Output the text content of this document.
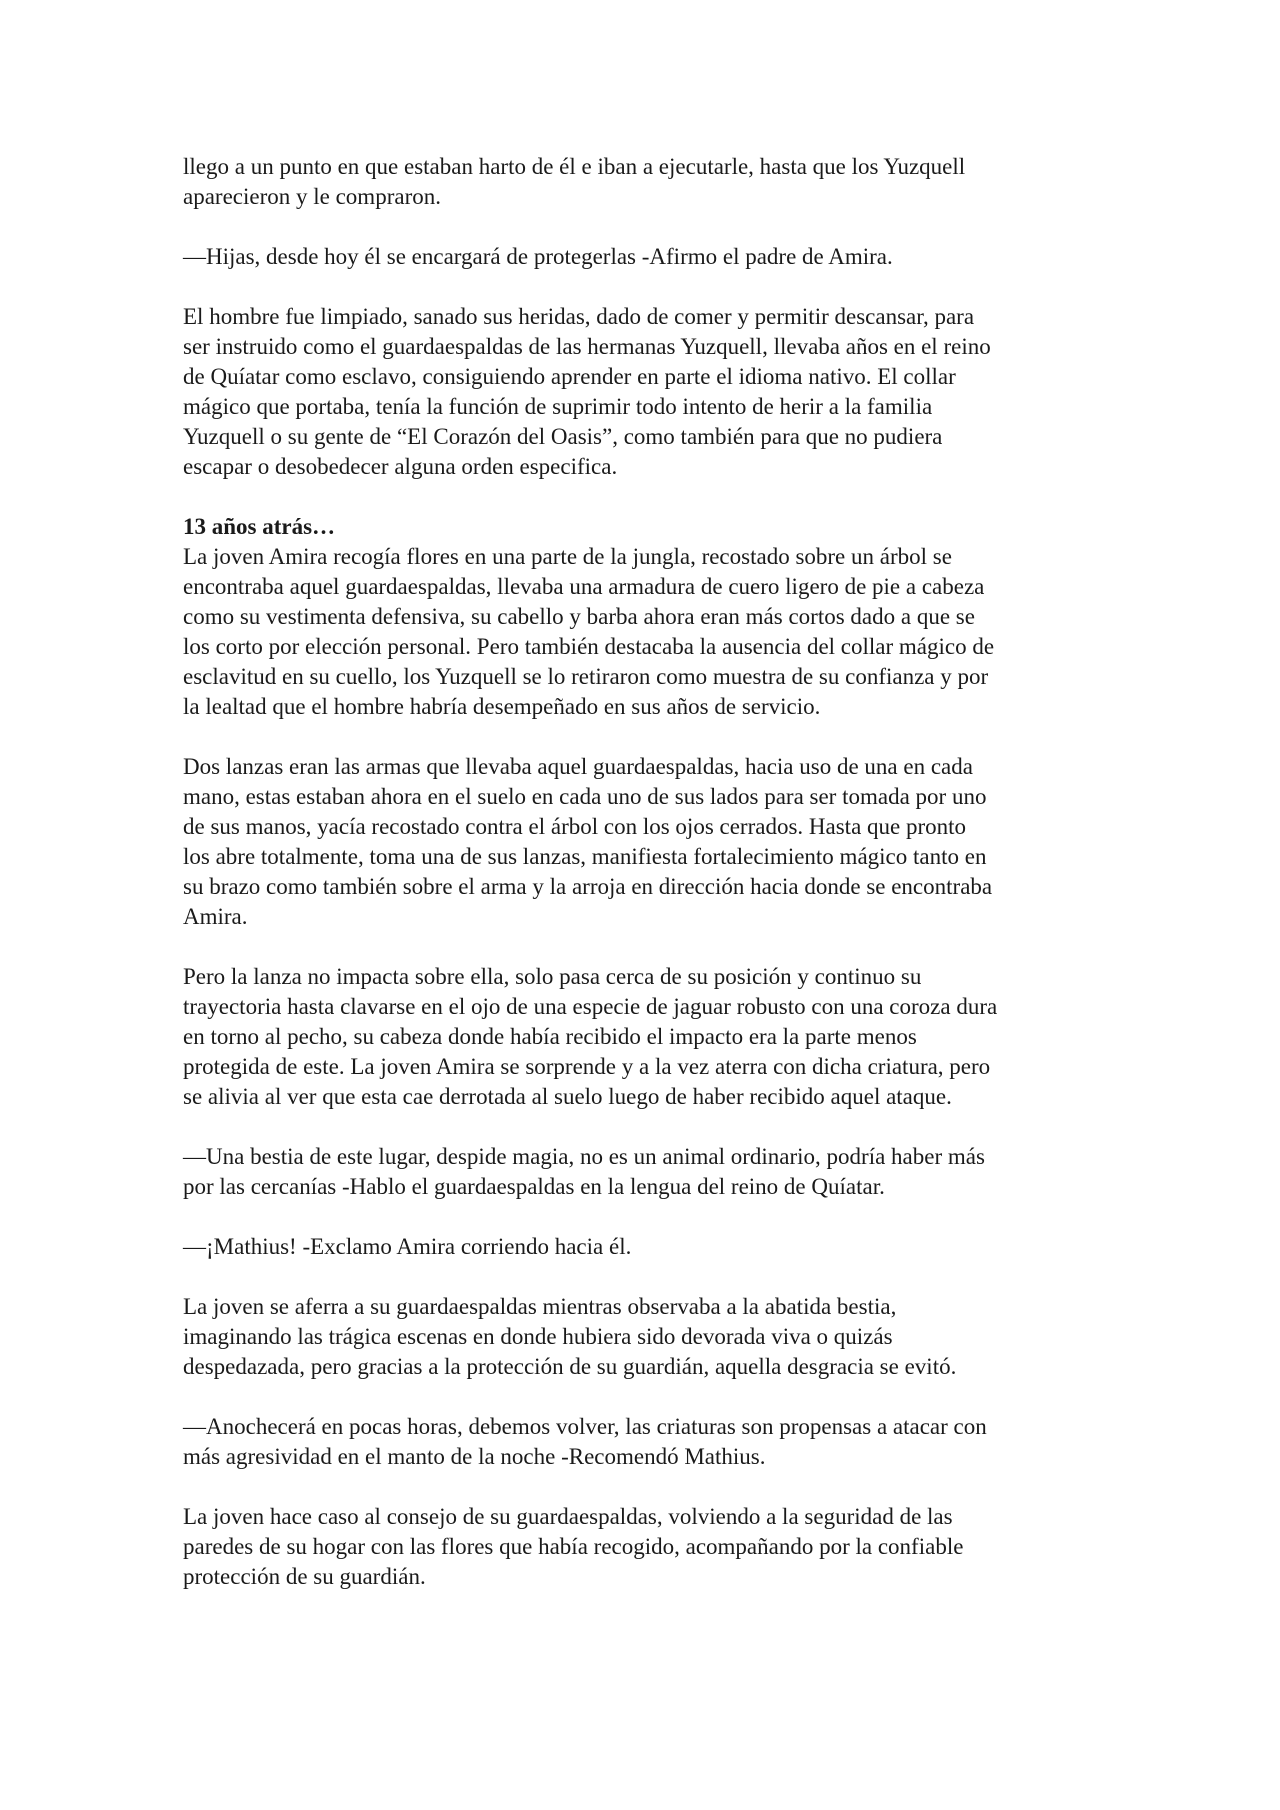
llego a un punto en que estaban harto de él e iban a ejecutarle, hasta que los Yuzquell
aparecieron y le compraron.
—Hijas, desde hoy él se encargará de protegerlas -Afirmo el padre de Amira.
El hombre fue limpiado, sanado sus heridas, dado de comer y permitir descansar, para
ser instruido como el guardaespaldas de las hermanas Yuzquell, llevaba años en el reino
de Quíatar como esclavo, consiguiendo aprender en parte el idioma nativo. El collar
mágico que portaba, tenía la función de suprimir todo intento de herir a la familia
Yuzquell o su gente de “El Corazón del Oasis”, como también para que no pudiera
escapar o desobedecer alguna orden especifica.
13 años atrás…
La joven Amira recogía flores en una parte de la jungla, recostado sobre un árbol se
encontraba aquel guardaespaldas, llevaba una armadura de cuero ligero de pie a cabeza
como su vestimenta defensiva, su cabello y barba ahora eran más cortos dado a que se
los corto por elección personal. Pero también destacaba la ausencia del collar mágico de
esclavitud en su cuello, los Yuzquell se lo retiraron como muestra de su confianza y por
la lealtad que el hombre habría desempeñado en sus años de servicio.
Dos lanzas eran las armas que llevaba aquel guardaespaldas, hacia uso de una en cada
mano, estas estaban ahora en el suelo en cada uno de sus lados para ser tomada por uno
de sus manos, yacía recostado contra el árbol con los ojos cerrados. Hasta que pronto
los abre totalmente, toma una de sus lanzas, manifiesta fortalecimiento mágico tanto en
su brazo como también sobre el arma y la arroja en dirección hacia donde se encontraba
Amira.
Pero la lanza no impacta sobre ella, solo pasa cerca de su posición y continuo su
trayectoria hasta clavarse en el ojo de una especie de jaguar robusto con una coroza dura
en torno al pecho, su cabeza donde había recibido el impacto era la parte menos
protegida de este. La joven Amira se sorprende y a la vez aterra con dicha criatura, pero
se alivia al ver que esta cae derrotada al suelo luego de haber recibido aquel ataque.
—Una bestia de este lugar, despide magia, no es un animal ordinario, podría haber más
por las cercanías -Hablo el guardaespaldas en la lengua del reino de Quíatar.
—¡Mathius! -Exclamo Amira corriendo hacia él.
La joven se aferra a su guardaespaldas mientras observaba a la abatida bestia,
imaginando las trágica escenas en donde hubiera sido devorada viva o quizás
despedazada, pero gracias a la protección de su guardián, aquella desgracia se evitó.
—Anochecerá en pocas horas, debemos volver, las criaturas son propensas a atacar con
más agresividad en el manto de la noche -Recomendó Mathius.
La joven hace caso al consejo de su guardaespaldas, volviendo a la seguridad de las
paredes de su hogar con las flores que había recogido, acompañando por la confiable
protección de su guardián.
